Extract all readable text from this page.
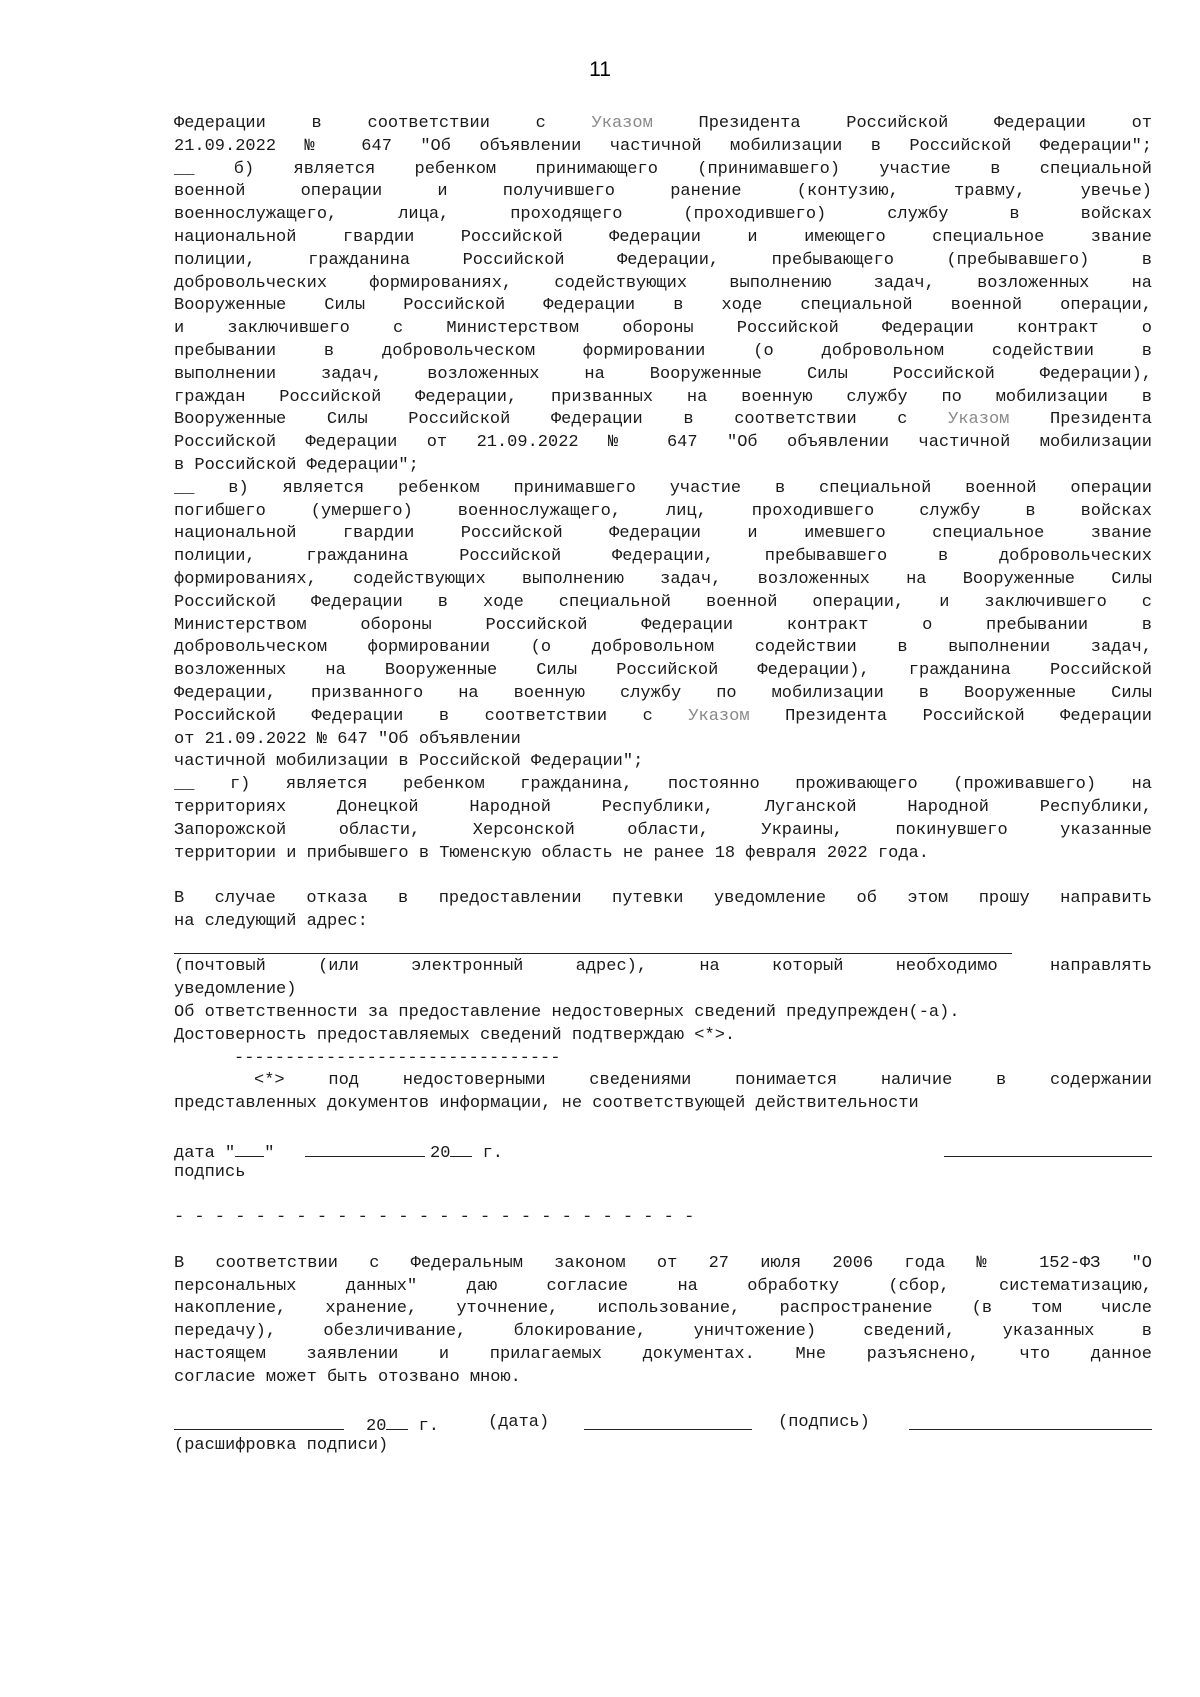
11
Федерации в соответствии с Указом Президента Российской Федерации от
21.09.2022 № 647 "Об объявлении частичной мобилизации в Российской Федерации";
__ б) является ребенком принимающего (принимавшего) участие в специальной
военной операции и получившего ранение (контузию, травму, увечье)
военнослужащего, лица, проходящего (проходившего) службу в войсках
национальной гвардии Российской Федерации и имеющего специальное звание
полиции, гражданина Российской Федерации, пребывающего (пребывавшего) в
добровольческих формированиях, содействующих выполнению задач, возложенных на
Вооруженные Силы Российской Федерации в ходе специальной военной операции,
и заключившего с Министерством обороны Российской Федерации контракт о
пребывании в добровольческом формировании (о добровольном содействии в
выполнении задач, возложенных на Вооруженные Силы Российской Федерации),
граждан Российской Федерации, призванных на военную службу по мобилизации в
Вооруженные Силы Российской Федерации в соответствии с Указом Президента
Российской Федерации от 21.09.2022 № 647 "Об объявлении частичной мобилизации
в Российской Федерации";
__ в) является ребенком принимавшего участие в специальной военной операции
погибшего (умершего) военнослужащего, лиц, проходившего службу в войсках
национальной гвардии Российской Федерации и имевшего специальное звание
полиции, гражданина Российской Федерации, пребывавшего в добровольческих
формированиях, содействующих выполнению задач, возложенных на Вооруженные Силы
Российской Федерации в ходе специальной военной операции, и заключившего с
Министерством обороны Российской Федерации контракт о пребывании в
добровольческом формировании (о добровольном содействии в выполнении задач,
возложенных на Вооруженные Силы Российской Федерации), гражданина Российской
Федерации, призванного на военную службу по мобилизации в Вооруженные Силы
Российской Федерации в соответствии с Указом Президента Российской Федерации
от 21.09.2022 № 647 "Об объявлении
частичной мобилизации в Российской Федерации";
__ г) является ребенком гражданина, постоянно проживающего (проживавшего) на
территориях Донецкой Народной Республики, Луганской Народной Республики,
Запорожской области, Херсонской области, Украины, покинувшего указанные
территории и прибывшего в Тюменскую область не ранее 18 февраля 2022 года.
В случае отказа в предоставлении путевки уведомление об этом прошу направить
на следующий адрес:
(почтовый (или электронный адрес), на который необходимо направлять
уведомление)
Об ответственности за предоставление недостоверных сведений предупрежден(-а).
Достоверность предоставляемых сведений подтверждаю <*>.
--------------------------------
<*> под недостоверными сведениями понимается наличие в содержании
представленных документов информации, не соответствующей действительности
дата " "	20 г.
подпись
- - - - - - - - - - - - - - - - - - - - - - - - - -
В соответствии с Федеральным законом от 27 июля 2006 года № 152-ФЗ "О
персональных данных" даю согласие на обработку (сбор, систематизацию,
накопление, хранение, уточнение, использование, распространение (в том числе
передачу), обезличивание, блокирование, уничтожение) сведений, указанных в
настоящем заявлении и прилагаемых документах. Мне разъяснено, что данное
согласие может быть отозвано мною.
20 г.	(дата)	(подпись)
(расшифровка подписи)
